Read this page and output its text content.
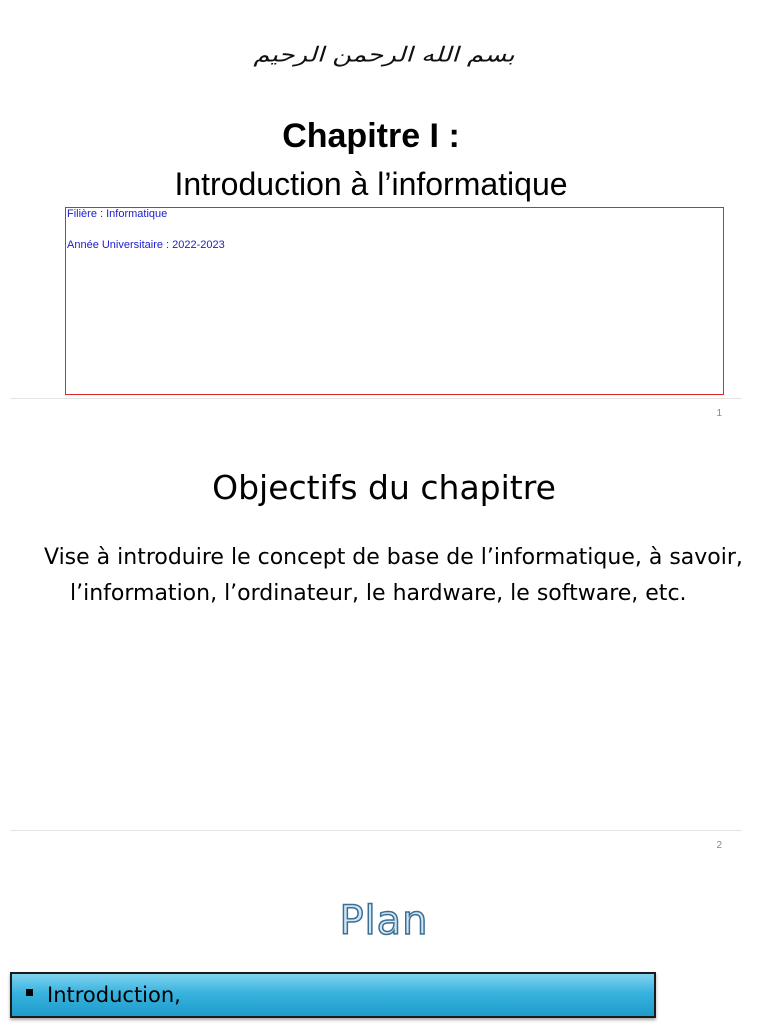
بسم الله الرحمن الرحيم
Chapitre I :
Introduction à l’informatique
Filière : Informatique
Année Universitaire : 2022-2023
1
Objectifs du chapitre

Vise à introduire le concept de base de l’informatique, à savoir, l’information, l’ordinateur, le hardware, le software, etc.

2
Plan
Introduction,
